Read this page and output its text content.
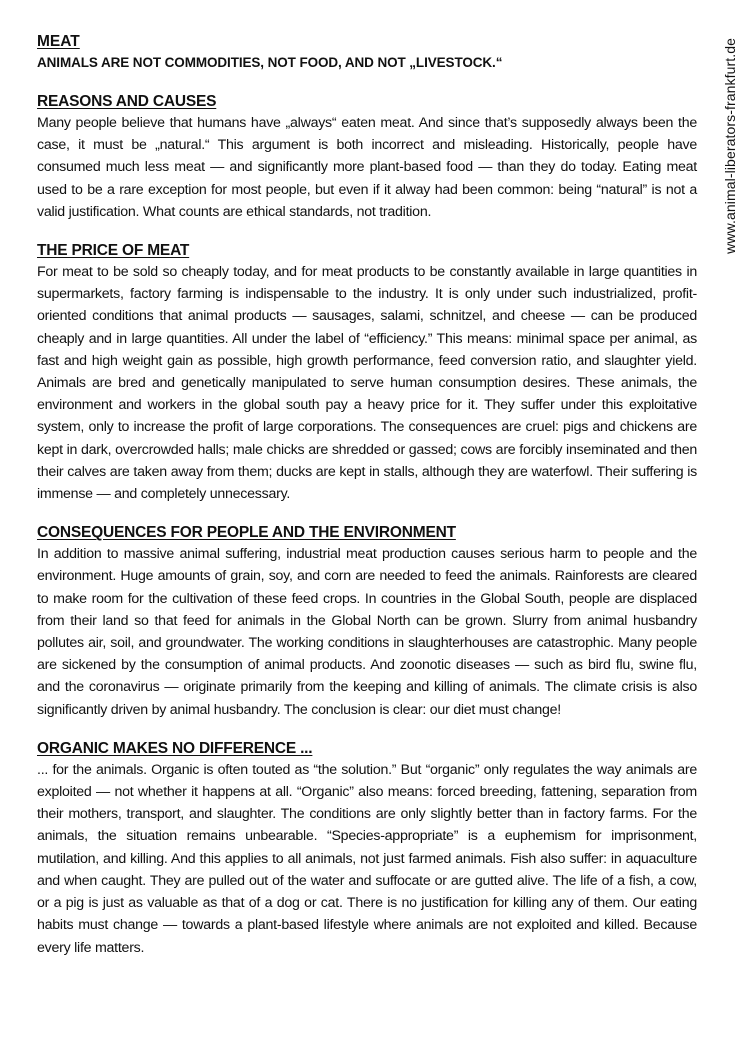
MEAT
ANIMALS ARE NOT COMMODITIES, NOT FOOD, AND NOT „LIVESTOCK.“
REASONS AND CAUSES

Many people believe that humans have „always“ eaten meat. And since that’s supposedly always been the case, it must be „natural.“ This argument is both incorrect and misleading. Historically, people have consumed much less meat — and significantly more plant-based food — than they do today. Eating meat used to be a rare exception for most people, but even if it alway had been common: being “natural” is not a valid justification. What counts are ethical standards, not tradition.

THE PRICE OF MEAT

For meat to be sold so cheaply today, and for meat products to be constantly available in large quantities in supermarkets, factory farming is indispensable to the industry. It is only under such industrialized, profit-oriented conditions that animal products — sausages, salami, schnitzel, and cheese — can be produced cheaply and in large quantities. All under the label of “efficiency.” This means: minimal space per animal, as fast and high weight gain as possible, high growth performance, feed conversion ratio, and slaughter yield. Animals are bred and genetically manipulated to serve human consumption desires. These animals, the environment and workers in the global south pay a heavy price for it. They suffer under this exploitative system, only to increase the profit of large corporations. The consequences are cruel: pigs and chickens are kept in dark, overcrowded halls; male chicks are shredded or gassed; cows are forcibly inseminated and then their calves are taken away from them; ducks are kept in stalls, although they are waterfowl. Their suffering is immense — and completely unnecessary.

CONSEQUENCES FOR PEOPLE AND THE ENVIRONMENT

In addition to massive animal suffering, industrial meat production causes serious harm to people and the environment. Huge amounts of grain, soy, and corn are needed to feed the animals. Rainforests are cleared to make room for the cultivation of these feed crops. In countries in the Global South, people are displaced from their land so that feed for animals in the Global North can be grown. Slurry from animal husbandry pollutes air, soil, and groundwater. The working conditions in slaughterhouses are catastrophic. Many people are sickened by the consumption of animal products. And zoonotic diseases — such as bird flu, swine flu, and the coronavirus — originate primarily from the keeping and killing of animals. The climate crisis is also significantly driven by animal husbandry. The conclusion is clear: our diet must change!

ORGANIC MAKES NO DIFFERENCE ...

... for the animals. Organic is often touted as “the solution.” But “organic” only regulates the way animals are exploited — not whether it happens at all. “Organic” also means: forced breeding, fattening, separation from their mothers, transport, and slaughter. The conditions are only slightly better than in factory farms. For the animals, the situation remains unbearable. “Species-appropriate” is a euphemism for imprisonment, mutilation, and killing. And this applies to all animals, not just farmed animals. Fish also suffer: in aquaculture and when caught. They are pulled out of the water and suffocate or are gutted alive. The life of a fish, a cow, or a pig is just as valuable as that of a dog or cat. There is no justification for killing any of them. Our eating habits must change — towards a plant-based lifestyle where animals are not exploited and killed. Because every life matters.

www.animal-liberators-frankfurt.de
